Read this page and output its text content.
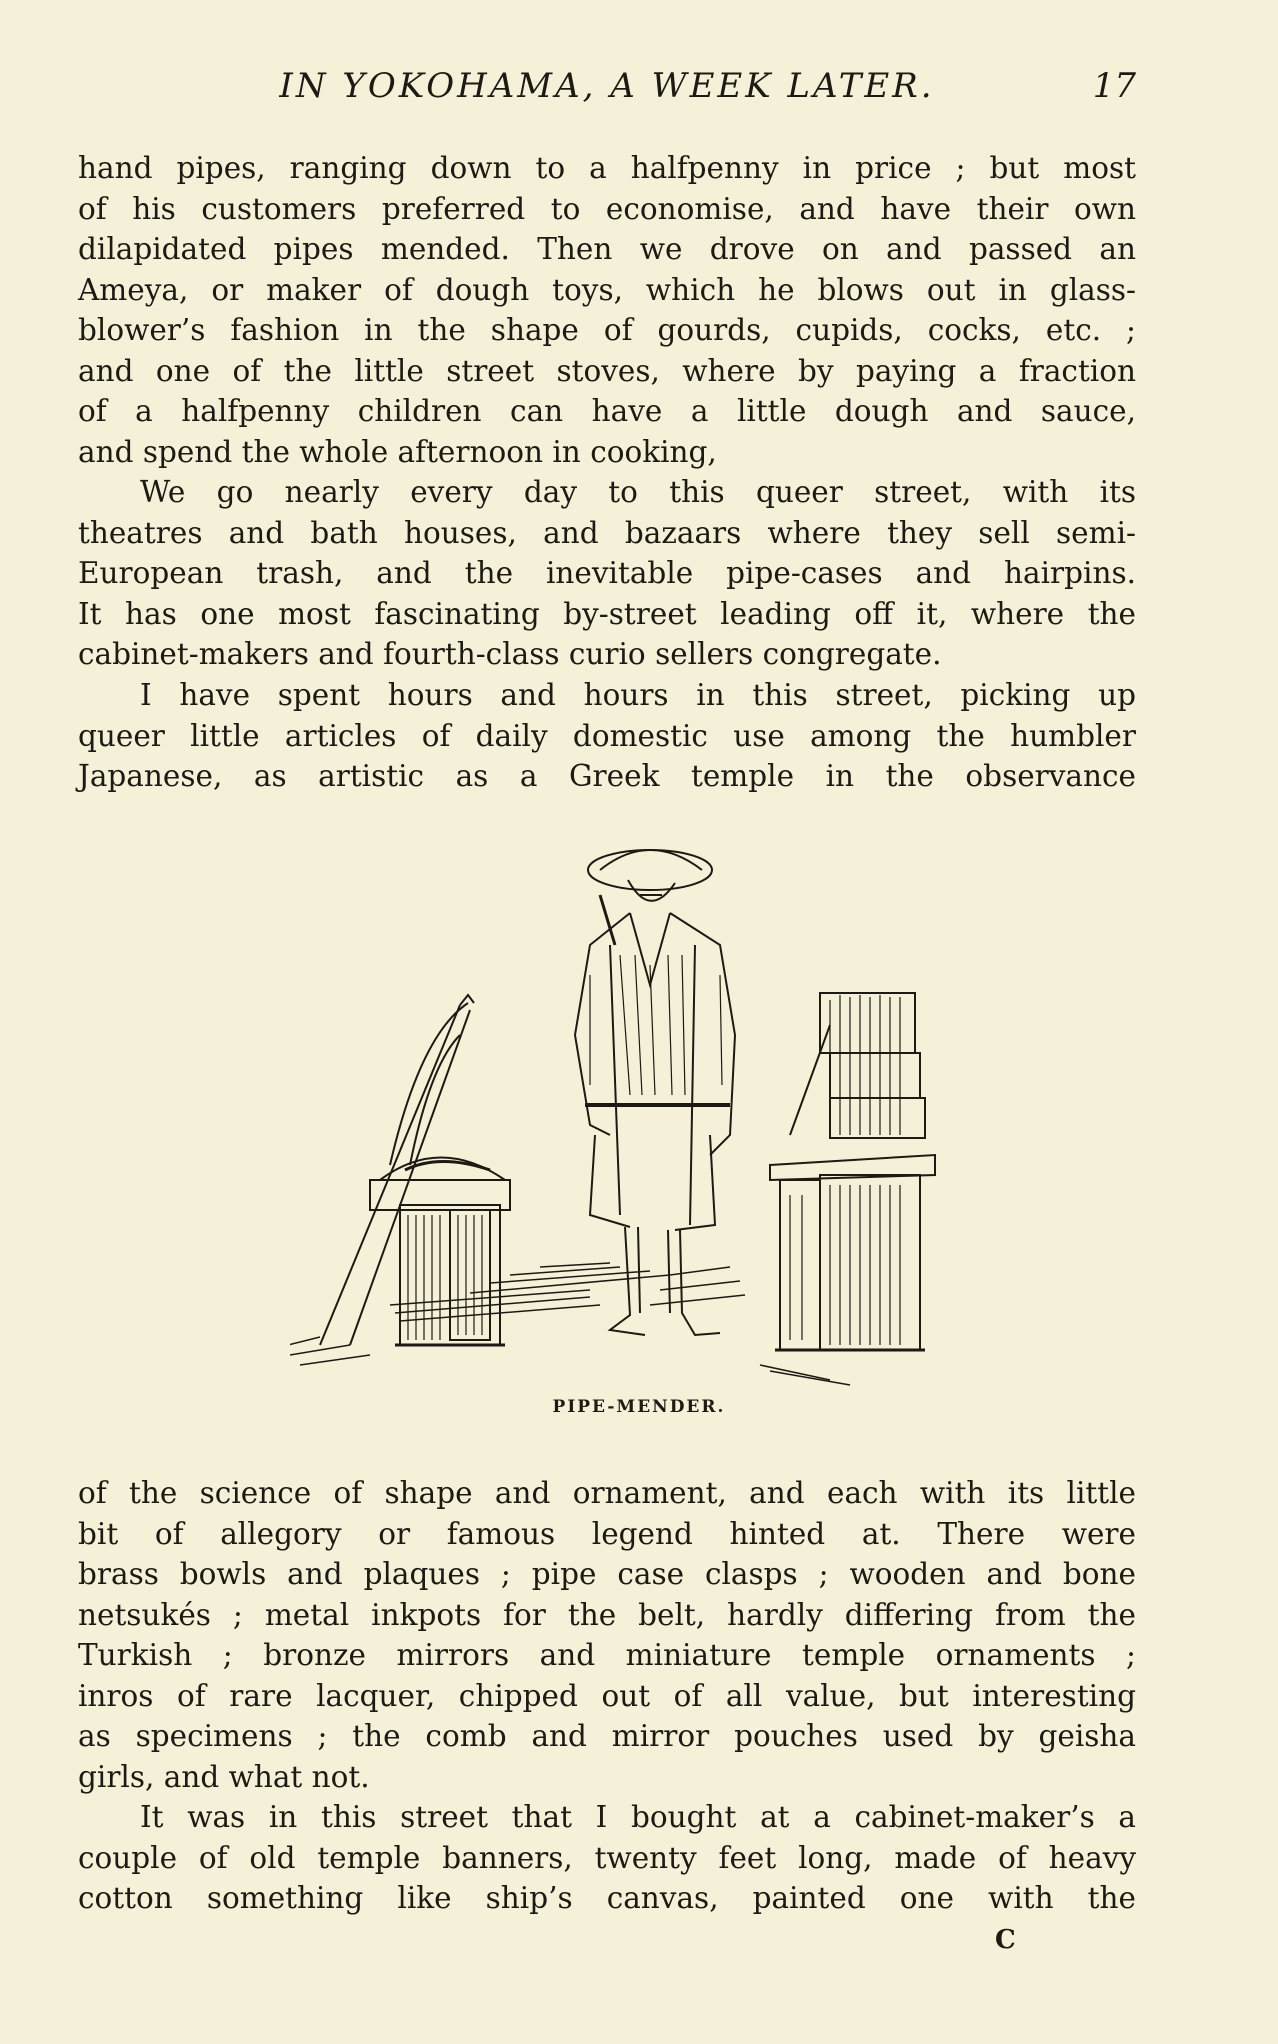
IN YOKOHAMA, A WEEK LATER.	17
hand pipes, ranging down to a halfpenny in price ; but most
of his customers preferred to economise, and have their own
dilapidated pipes mended. Then we drove on and passed an
Ameya, or maker of dough toys, which he blows out in glass-
blower’s fashion in the shape of gourds, cupids, cocks, etc. ;
and one of the little street stoves, where by paying a fraction
of a halfpenny children can have a little dough and sauce,
and spend the whole afternoon in cooking,
We go nearly every day to this queer street, with its
theatres and bath houses, and bazaars where they sell semi-
European trash, and the inevitable pipe-cases and hairpins.
It has one most fascinating by-street leading off it, where the
cabinet-makers and fourth-class curio sellers congregate.
I have spent hours and hours in this street, picking up
queer little articles of daily domestic use among the humbler
Japanese, as artistic as a Greek temple in the observance
PIPE-MENDER.
of the science of shape and ornament, and each with its little
bit of allegory or famous legend hinted at. There were
brass bowls and plaques ; pipe case clasps ; wooden and bone
netsukés ; metal inkpots for the belt, hardly differing from the
Turkish ; bronze mirrors and miniature temple ornaments ;
inros of rare lacquer, chipped out of all value, but interesting
as specimens ; the comb and mirror pouches used by geisha
girls, and what not.
It was in this street that I bought at a cabinet-maker’s a
couple of old temple banners, twenty feet long, made of heavy
cotton something like ship’s canvas, painted one with the
C
